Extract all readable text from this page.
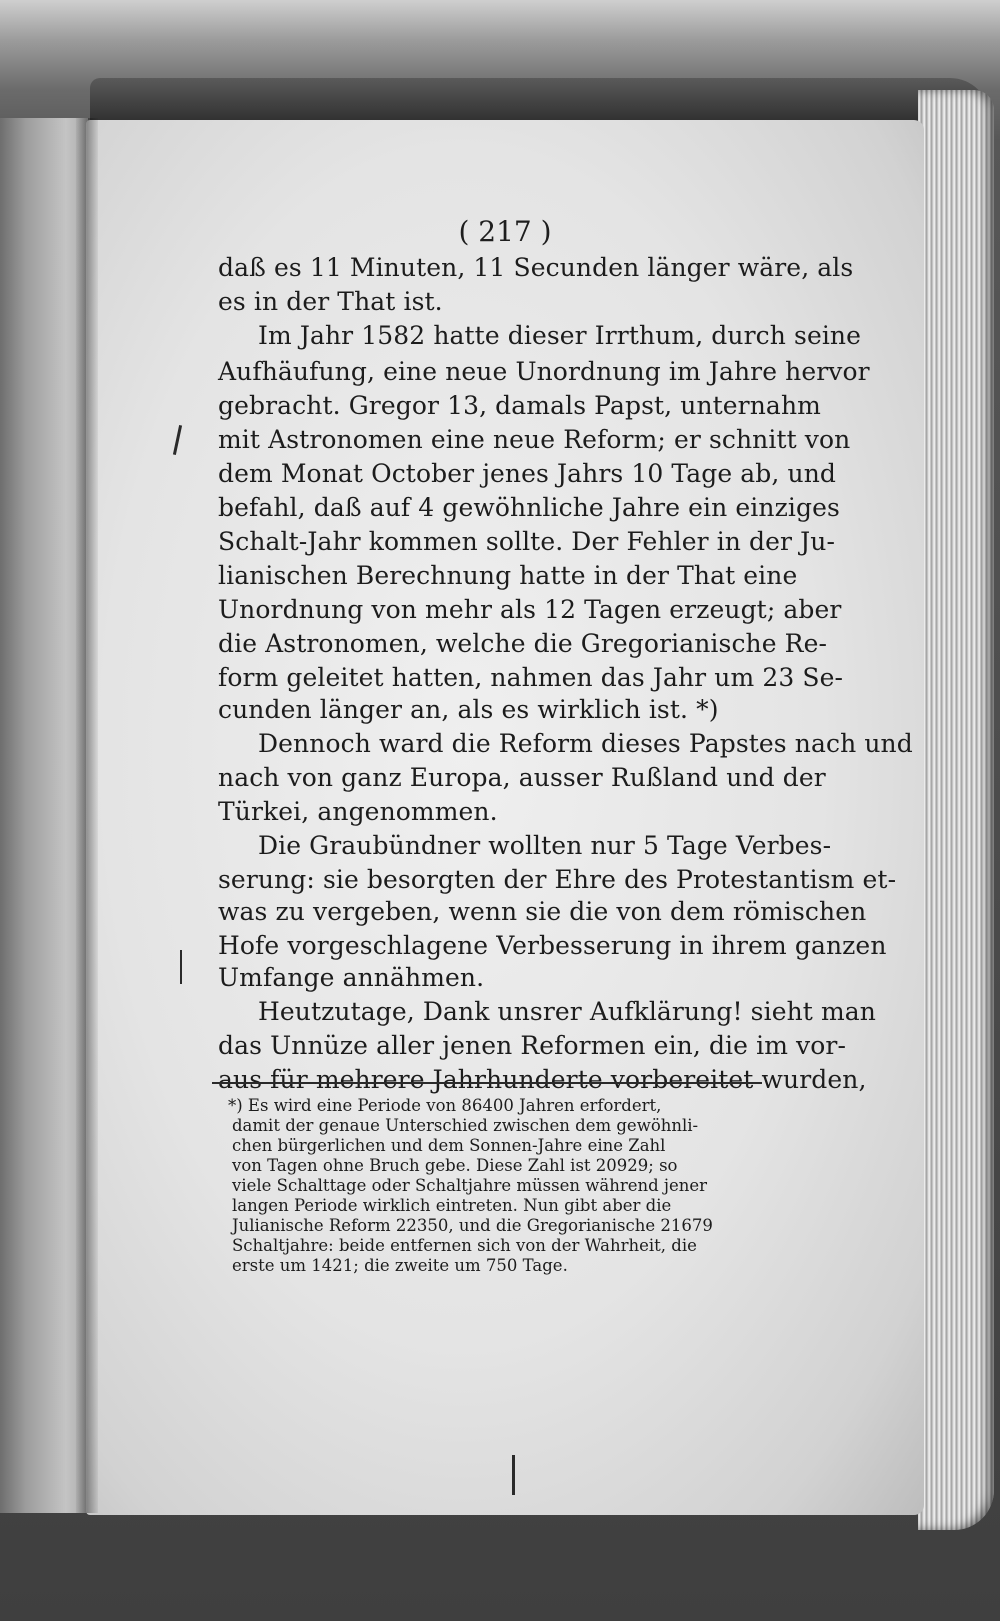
( 217 )
daß es 11 Minuten, 11 Secunden länger wäre, als
es in der That ist.
Im Jahr 1582 hatte dieser Irrthum, durch seine
Aufhäufung, eine neue Unordnung im Jahre hervor
gebracht. Gregor 13, damals Papst, unternahm
mit Astronomen eine neue Reform; er schnitt von
dem Monat October jenes Jahrs 10 Tage ab, und
befahl, daß auf 4 gewöhnliche Jahre ein einziges
Schalt-Jahr kommen sollte. Der Fehler in der Ju-
lianischen Berechnung hatte in der That eine
Unordnung von mehr als 12 Tagen erzeugt; aber
die Astronomen, welche die Gregorianische Re-
form geleitet hatten, nahmen das Jahr um 23 Se-
cunden länger an, als es wirklich ist. *)
Dennoch ward die Reform dieses Papstes nach und
nach von ganz Europa, ausser Rußland und der
Türkei, angenommen.
Die Graubündner wollten nur 5 Tage Verbes-
serung: sie besorgten der Ehre des Protestantism et-
was zu vergeben, wenn sie die von dem römischen
Hofe vorgeschlagene Verbesserung in ihrem ganzen
Umfange annähmen.
Heutzutage, Dank unsrer Aufklärung! sieht man
das Unnüze aller jenen Reformen ein, die im vor-
aus für mehrere Jahrhunderte vorbereitet wurden,
*) Es wird eine Periode von 86400 Jahren erfordert,
damit der genaue Unterschied zwischen dem gewöhnli-
chen bürgerlichen und dem Sonnen-Jahre eine Zahl
von Tagen ohne Bruch gebe. Diese Zahl ist 20929; so
viele Schalttage oder Schaltjahre müssen während jener
langen Periode wirklich eintreten. Nun gibt aber die
Julianische Reform 22350, und die Gregorianische 21679
Schaltjahre: beide entfernen sich von der Wahrheit, die
erste um 1421; die zweite um 750 Tage.
